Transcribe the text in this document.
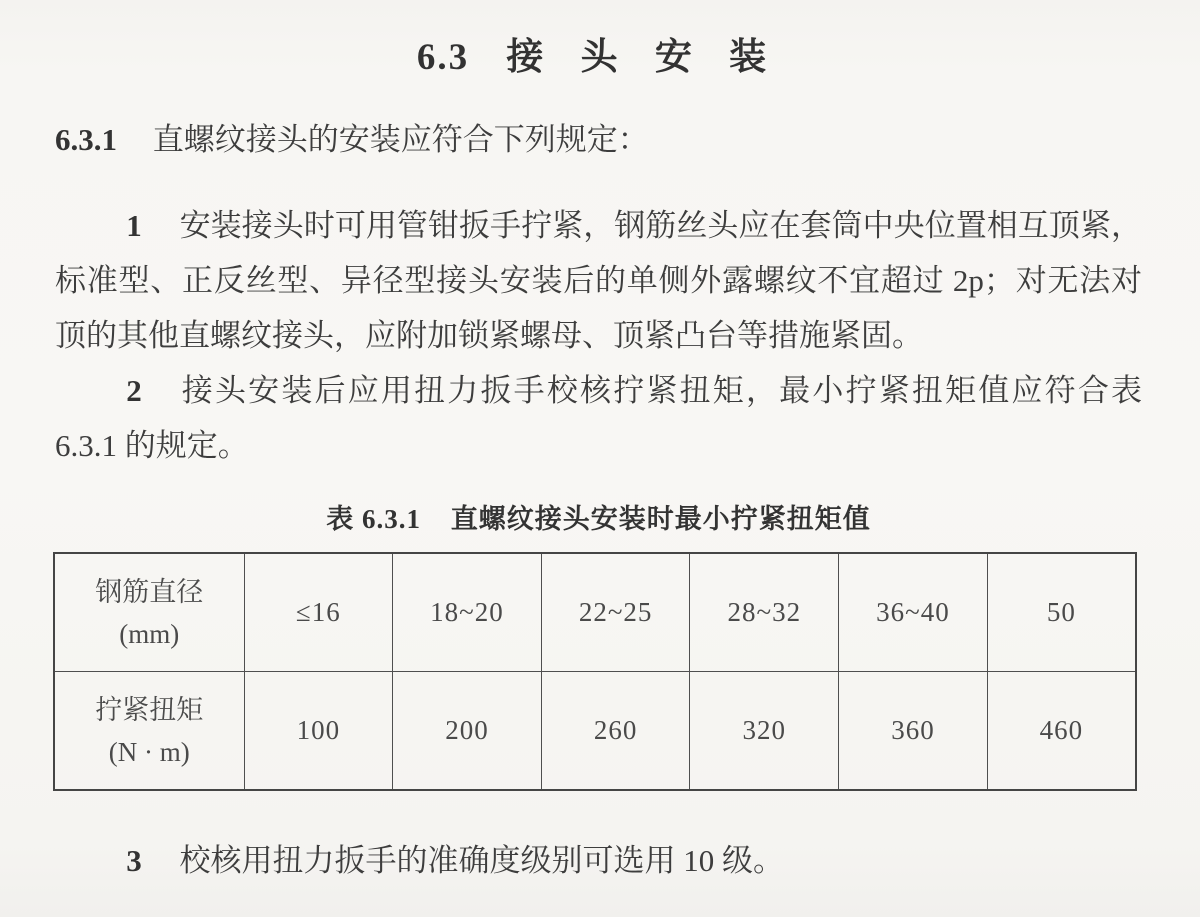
6.3 接 头 安 装

6.3.1 直螺纹接头的安装应符合下列规定：

1 安装接头时可用管钳扳手拧紧，钢筋丝头应在套筒中央位置相互顶紧，标准型、正反丝型、异径型接头安装后的单侧外露螺纹不宜超过 2p；对无法对顶的其他直螺纹接头，应附加锁紧螺母、顶紧凸台等措施紧固。

2 接头安装后应用扭力扳手校核拧紧扭矩，最小拧紧扭矩值应符合表 6.3.1 的规定。

表 6.3.1 直螺纹接头安装时最小拧紧扭矩值
钢筋直径
(mm)	≤16	18~20	22~25	28~32	36~40	50

拧紧扭矩
(N · m)	100	200	260	320	360	460

3 校核用扭力扳手的准确度级别可选用 10 级。
